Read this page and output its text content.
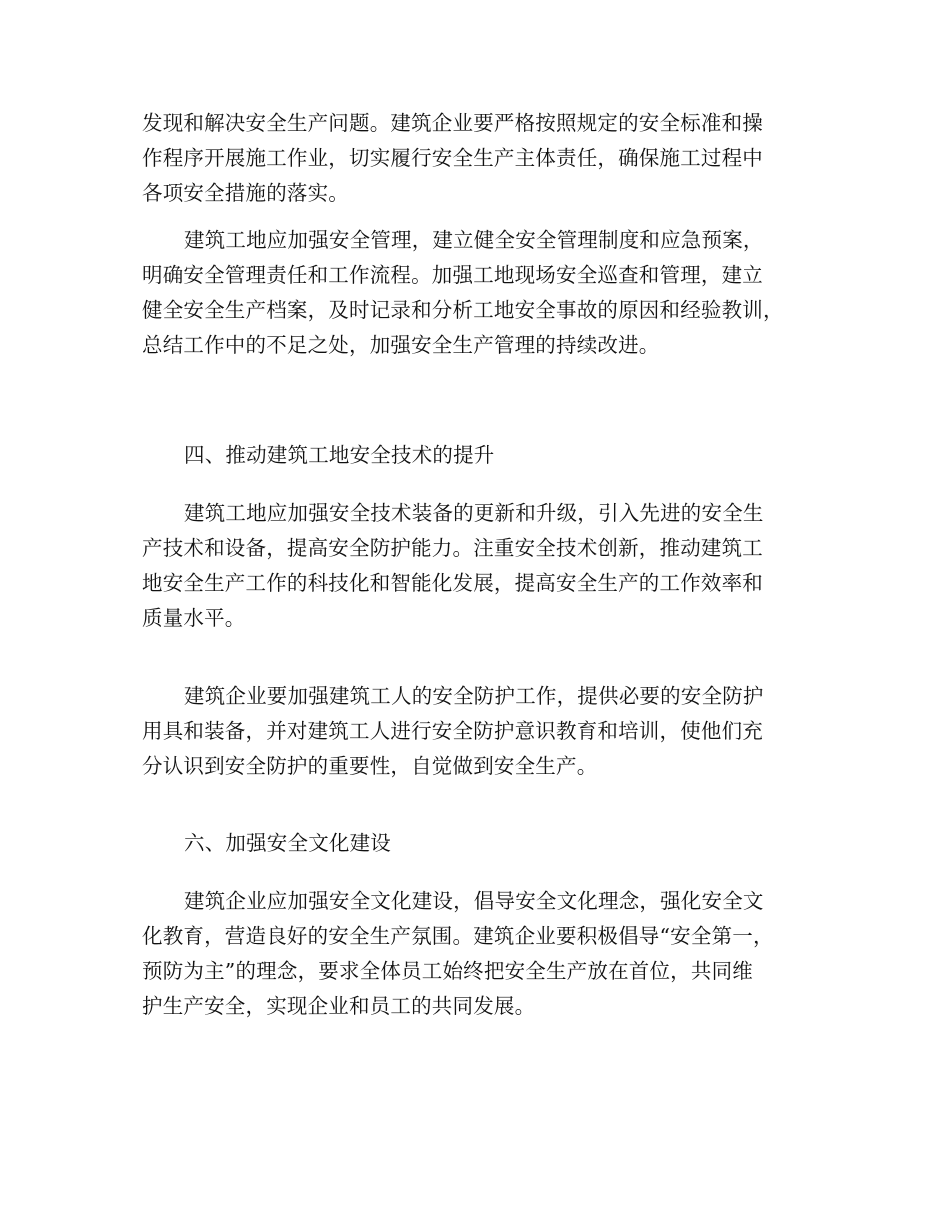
发现和解决安全生产问题。建筑企业要严格按照规定的安全标准和操
作程序开展施工作业，切实履行安全生产主体责任，确保施工过程中
各项安全措施的落实。
建筑工地应加强安全管理，建立健全安全管理制度和应急预案，
明确安全管理责任和工作流程。加强工地现场安全巡查和管理，建立
健全安全生产档案，及时记录和分析工地安全事故的原因和经验教训，
总结工作中的不足之处，加强安全生产管理的持续改进。
四、推动建筑工地安全技术的提升
建筑工地应加强安全技术装备的更新和升级，引入先进的安全生
产技术和设备，提高安全防护能力。注重安全技术创新，推动建筑工
地安全生产工作的科技化和智能化发展，提高安全生产的工作效率和
质量水平。
建筑企业要加强建筑工人的安全防护工作，提供必要的安全防护
用具和装备，并对建筑工人进行安全防护意识教育和培训，使他们充
分认识到安全防护的重要性，自觉做到安全生产。
六、加强安全文化建设
建筑企业应加强安全文化建设，倡导安全文化理念，强化安全文
化教育，营造良好的安全生产氛围。建筑企业要积极倡导“安全第一，
预防为主”的理念，要求全体员工始终把安全生产放在首位，共同维
护生产安全，实现企业和员工的共同发展。
